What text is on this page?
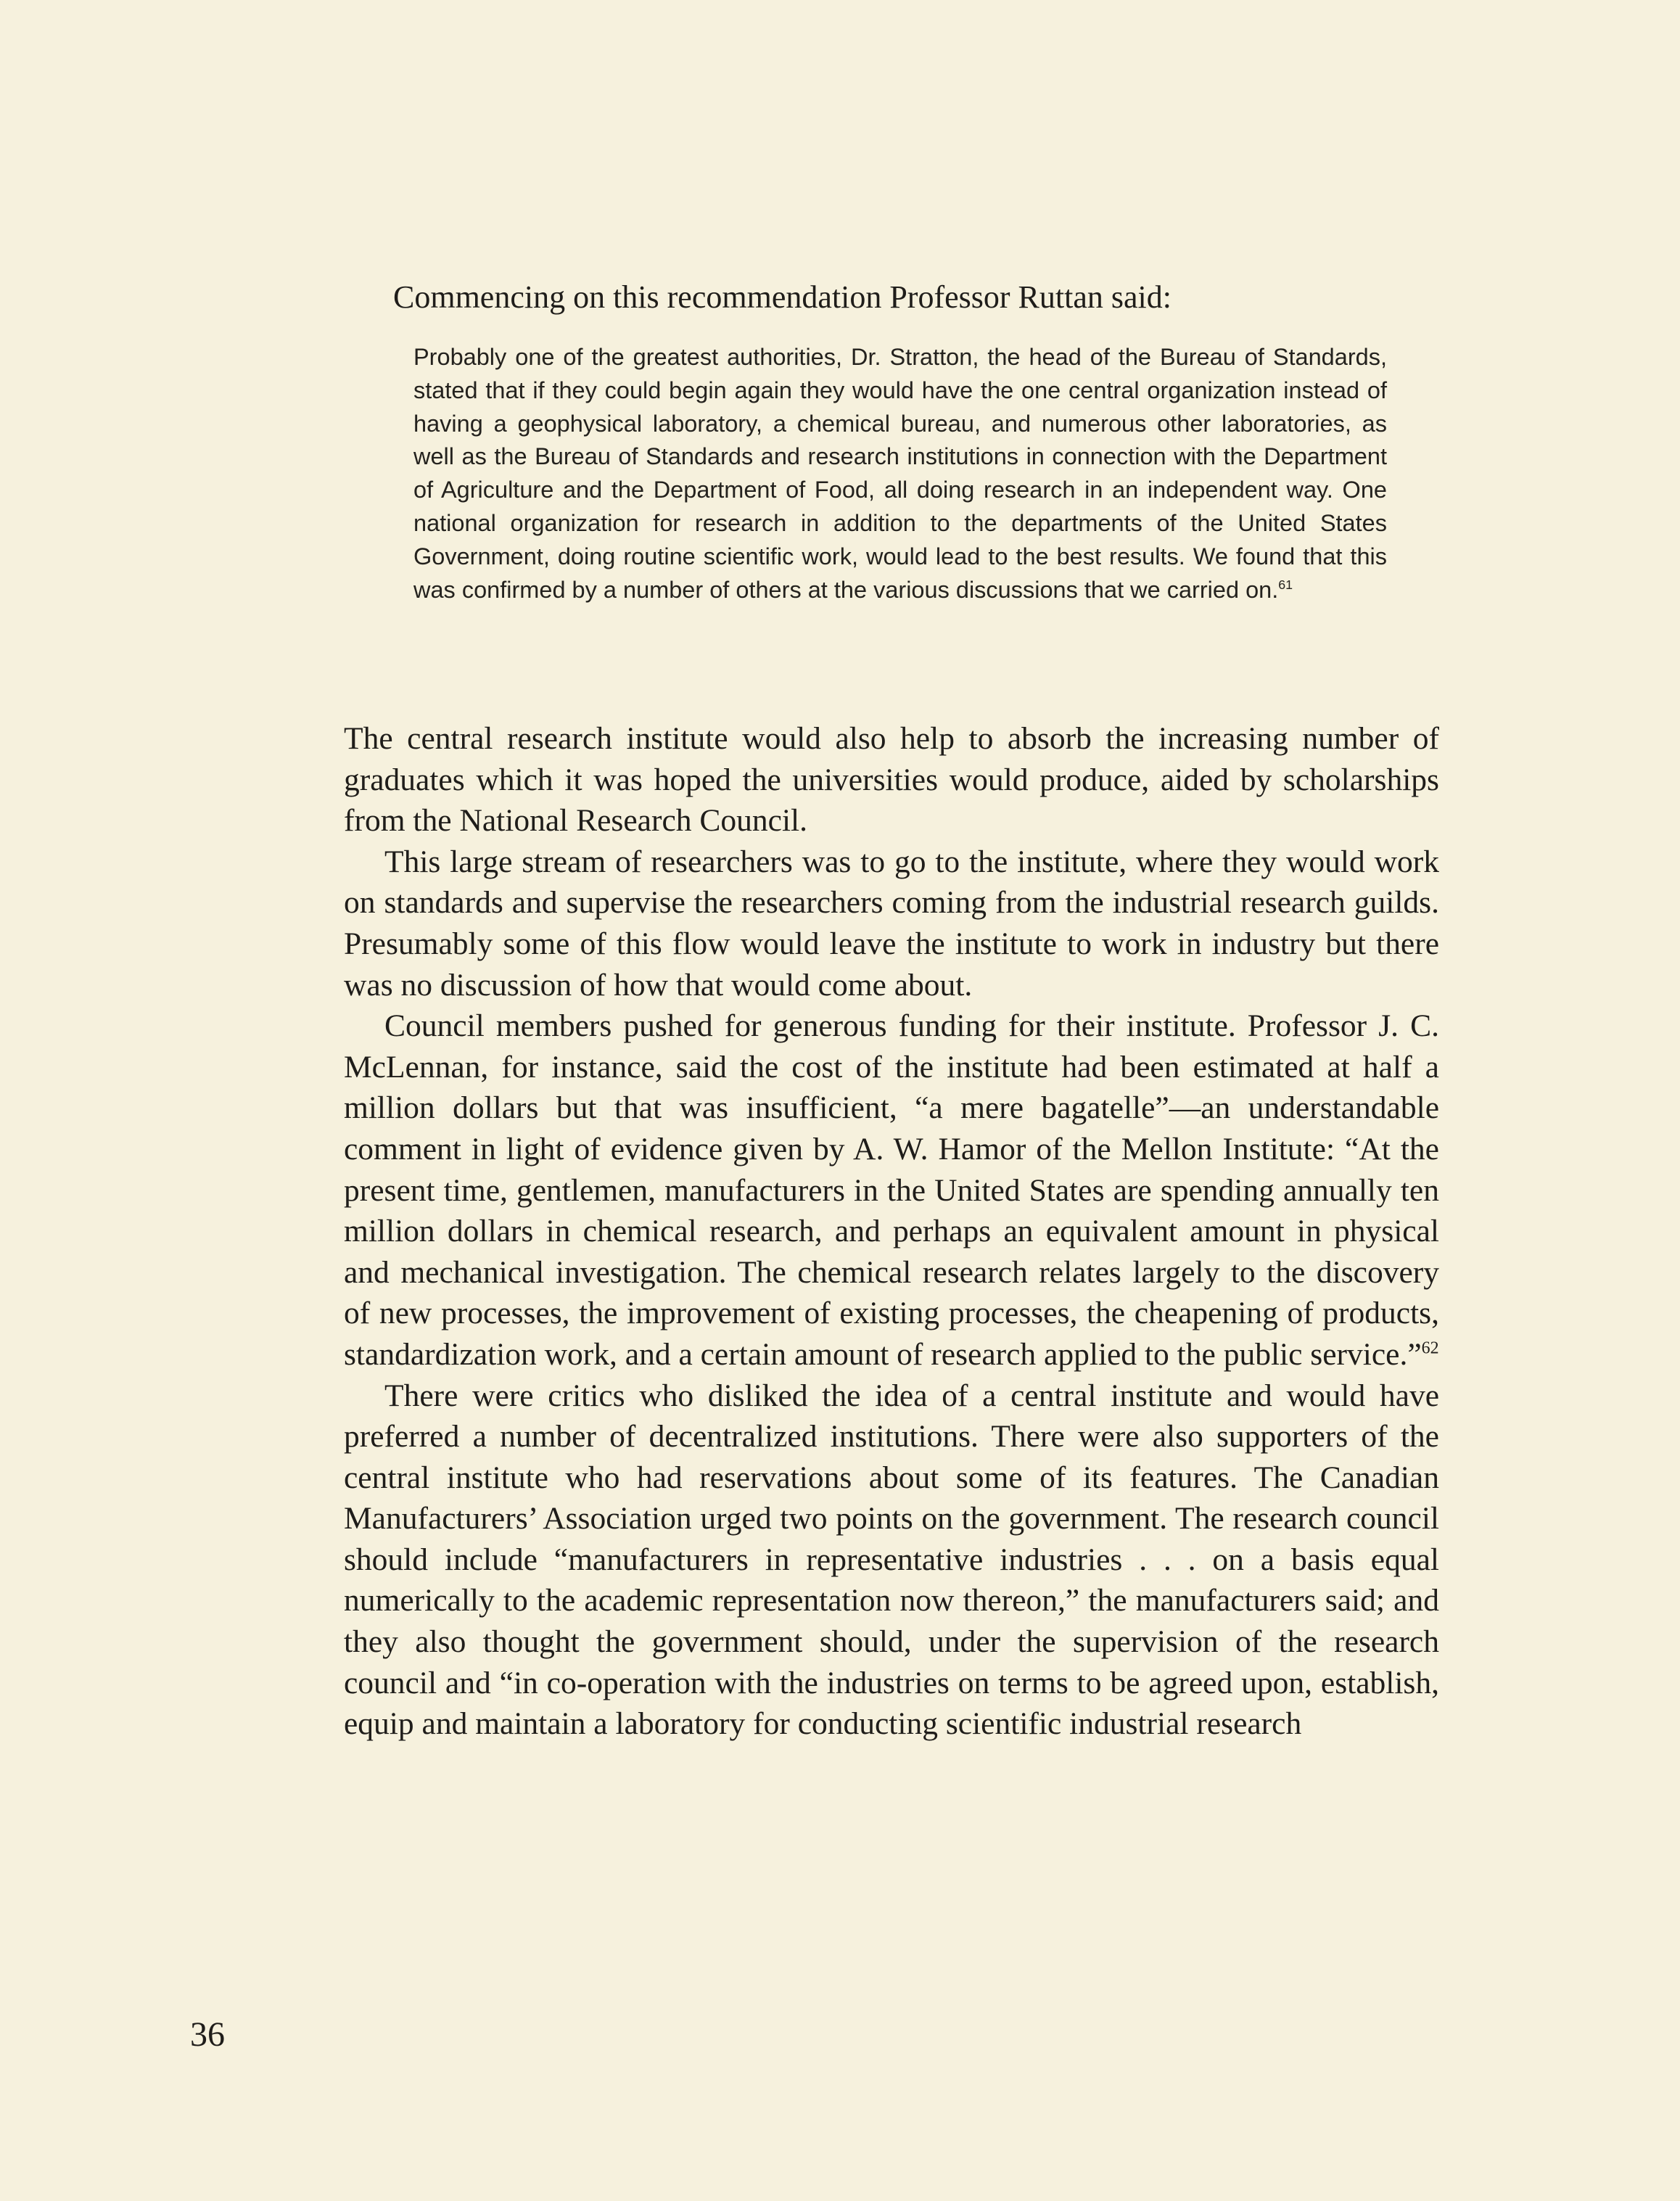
Commencing on this recommendation Professor Ruttan said:

Probably one of the greatest authorities, Dr. Stratton, the head of the Bureau of Standards, stated that if they could begin again they would have the one central organization instead of having a geophysical laboratory, a chemical bureau, and numerous other laboratories, as well as the Bureau of Standards and research institutions in connection with the Department of Agriculture and the Department of Food, all doing research in an independent way. One national organization for research in addition to the departments of the United States Government, doing routine scientific work, would lead to the best results. We found that this was confirmed by a number of others at the various discussions that we carried on.$^{61}$

The central research institute would also help to absorb the increasing number of graduates which it was hoped the universities would produce, aided by scholarships from the National Research Council.

This large stream of researchers was to go to the institute, where they would work on standards and supervise the researchers coming from the industrial research guilds. Presumably some of this flow would leave the institute to work in industry but there was no discussion of how that would come about.

Council members pushed for generous funding for their institute. Professor J. C. McLennan, for instance, said the cost of the institute had been estimated at half a million dollars but that was insufficient, “a mere bagatelle”—an understandable comment in light of evidence given by A. W. Hamor of the Mellon Institute: “At the present time, gentlemen, manufacturers in the United States are spending annually ten million dollars in chemical research, and perhaps an equivalent amount in physical and mechanical investigation. The chemical research relates largely to the discovery of new processes, the improvement of existing processes, the cheapening of products, standardization work, and a certain amount of research applied to the public service.”$^{62}$

There were critics who disliked the idea of a central institute and would have preferred a number of decentralized institutions. There were also supporters of the central institute who had reservations about some of its features. The Canadian Manufacturers’ Association urged two points on the government. The research council should include “manufacturers in representative industries . . . on a basis equal numerically to the academic representation now thereon,” the manufacturers said; and they also thought the government should, under the supervision of the research council and “in co-operation with the industries on terms to be agreed upon, establish, equip and maintain a laboratory for conducting scientific industrial research

36
